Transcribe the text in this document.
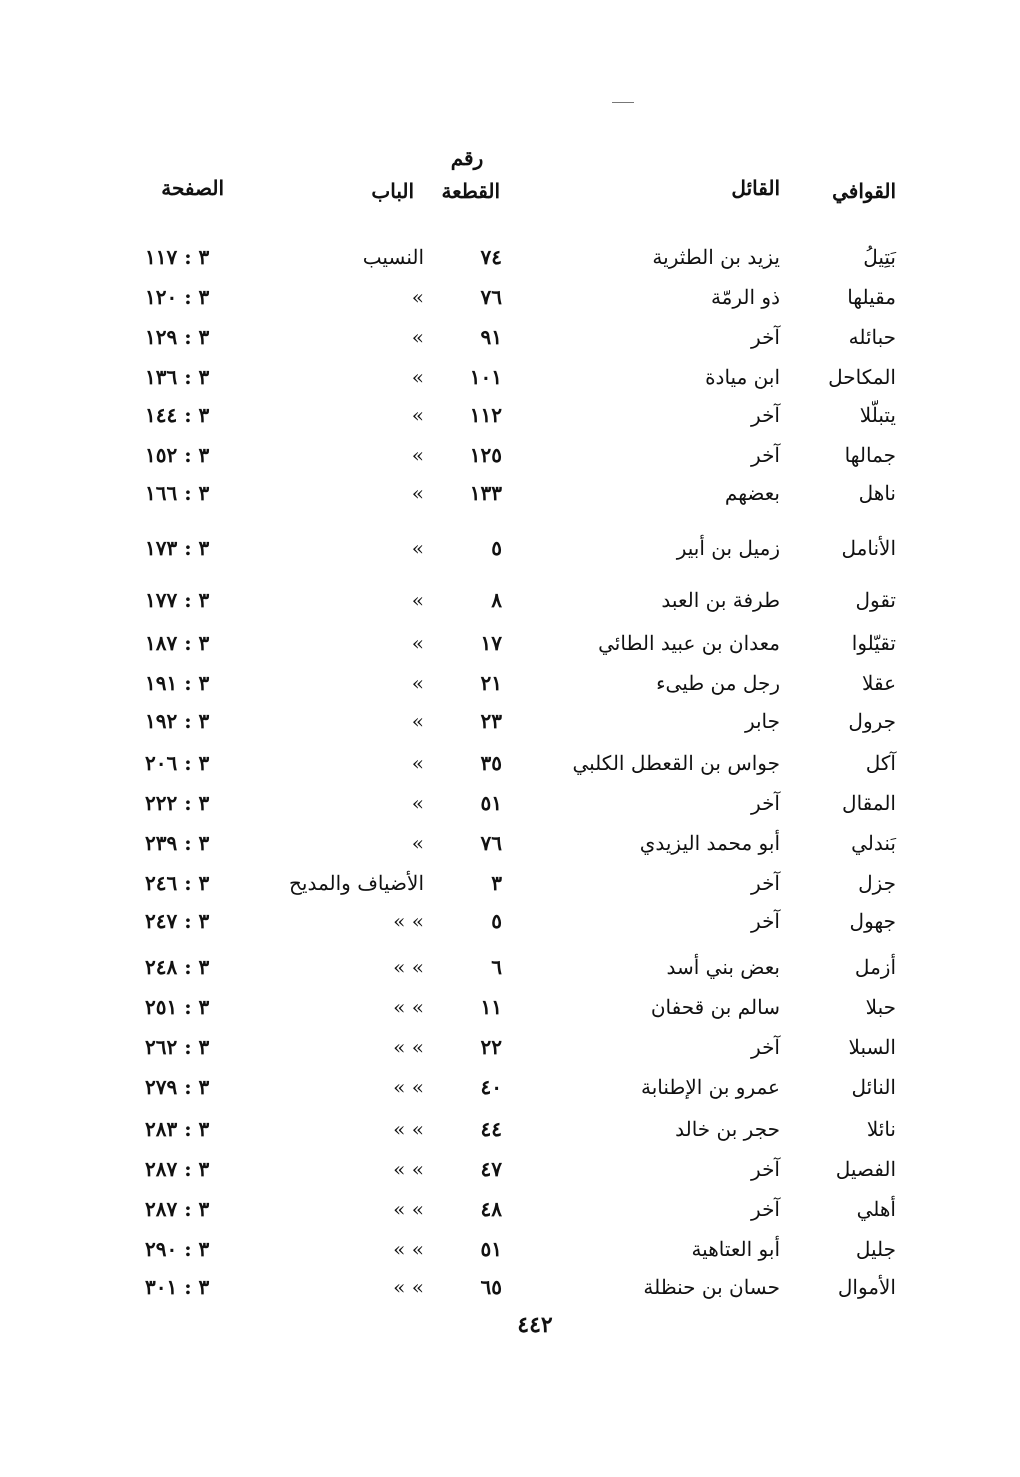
القوافي
القائل
رقم
القطعة
الباب
الصفحة
بَتِيلُ
يزيد بن الطثرية
٧٤
النسيب
٣ : ١١٧
مقيلها
ذو الرمّة
٧٦
»
٣ : ١٢٠
حبائله
آخر
٩١
»
٣ : ١٢٩
المكاحل
ابن ميادة
١٠١
»
٣ : ١٣٦
يتبلّلا
آخر
١١٢
»
٣ : ١٤٤
جمالها
آخر
١٢٥
»
٣ : ١٥٢
ناهل
بعضهم
١٣٣
»
٣ : ١٦٦
الأنامل
زميل بن أبير
٥
»
٣ : ١٧٣
تقول
طرفة بن العبد
٨
»
٣ : ١٧٧
تقيّلوا
معدان بن عبيد الطائي
١٧
»
٣ : ١٨٧
عقلا
رجل من طيىء
٢١
»
٣ : ١٩١
جرول
جابر
٢٣
»
٣ : ١٩٢
آكل
جواس بن القعطل الكلبي
٣٥
»
٣ : ٢٠٦
المقال
آخر
٥١
»
٣ : ٢٢٢
بَندلي
أبو محمد اليزيدي
٧٦
»
٣ : ٢٣٩
جزل
آخر
٣
الأضياف والمديح
٣ : ٢٤٦
جهول
آخر
٥
» »
٣ : ٢٤٧
أزمل
بعض بني أسد
٦
» »
٣ : ٢٤٨
حبلا
سالم بن قحفان
١١
» »
٣ : ٢٥١
السبلا
آخر
٢٢
» »
٣ : ٢٦٢
النائل
عمرو بن الإطنابة
٤٠
» »
٣ : ٢٧٩
نائلا
حجر بن خالد
٤٤
» »
٣ : ٢٨٣
الفصيل
آخر
٤٧
» »
٣ : ٢٨٧
أهلي
آخر
٤٨
» »
٣ : ٢٨٧
جليل
أبو العتاهية
٥١
» »
٣ : ٢٩٠
الأموال
حسان بن حنظلة
٦٥
» »
٣ : ٣٠١
٤٤٢
